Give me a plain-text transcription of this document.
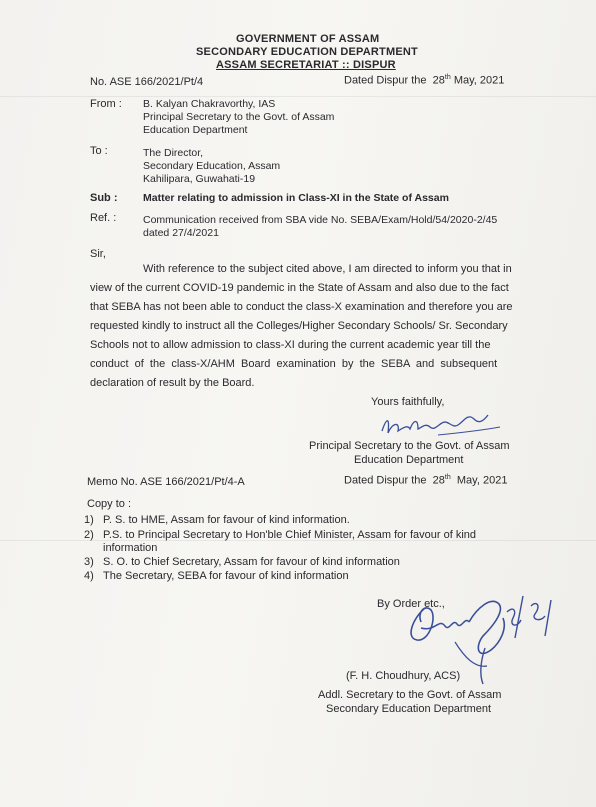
GOVERNMENT OF ASSAM
SECONDARY EDUCATION DEPARTMENT
ASSAM SECRETARIAT :: DISPUR
No. ASE 166/2021/Pt/4	Dated Dispur the 28th May, 2021
From : B. Kalyan Chakravorthy, IAS
Principal Secretary to the Govt. of Assam
Education Department
To :	The Director,
Secondary Education, Assam
Kahilipara, Guwahati-19
Sub : Matter relating to admission in Class-XI in the State of Assam
Ref. :	Communication received from SBA vide No. SEBA/Exam/Hold/54/2020-2/45
dated 27/4/2021
Sir,
With reference to the subject cited above, I am directed to inform you that in
view of the current COVID-19 pandemic in the State of Assam and also due to the fact
that SEBA has not been able to conduct the class-X examination and therefore you are
requested kindly to instruct all the Colleges/Higher Secondary Schools/ Sr. Secondary
Schools not to allow admission to class-XI during the current academic year till the
conduct  of  the  class-X/AHM  Board  examination  by  the  SEBA  and  subsequent
declaration of result by the Board.
Yours faithfully,
Principal Secretary to the Govt. of Assam
Education Department
Memo No. ASE 166/2021/Pt/4-A	Dated Dispur the 28th May, 2021
Copy to :
1) P. S. to HME, Assam for favour of kind information.
2) P.S. to Principal Secretary to Hon'ble Chief Minister, Assam for favour of kind
information
3) S. O. to Chief Secretary, Assam for favour of kind information
4) The Secretary, SEBA for favour of kind information
By Order etc.,
(F. H. Choudhury, ACS)
Addl. Secretary to the Govt. of Assam
Secondary Education Department
